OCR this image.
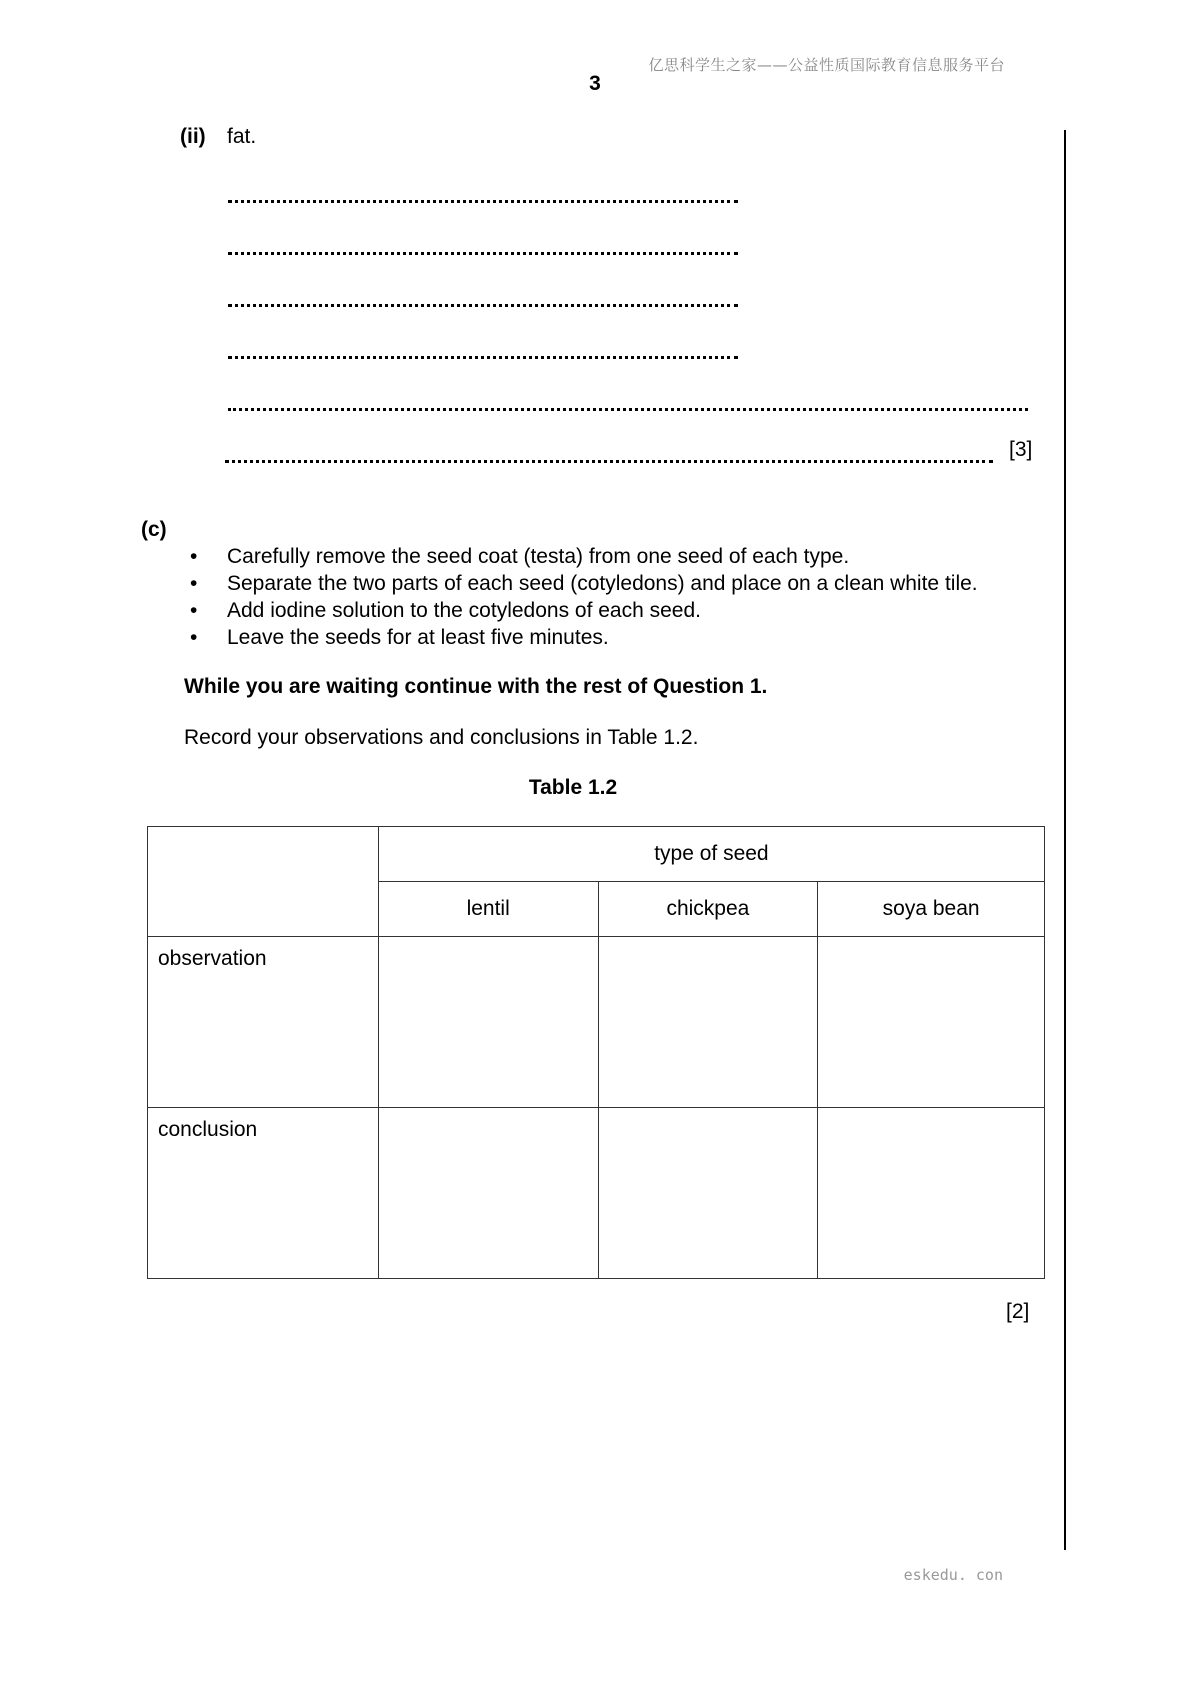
亿思科学生之家——公益性质国际教育信息服务平台
3
(ii) fat.
[3]
(c)
• Carefully remove the seed coat (testa) from one seed of each type.
• Separate the two parts of each seed (cotyledons) and place on a clean white tile.
• Add iodine solution to the cotyledons of each seed.
• Leave the seeds for at least five minutes.
While you are waiting continue with the rest of Question 1.
Record your observations and conclusions in Table 1.2.
Table 1.2
	type of seed		
	lentil	chickpea	soya bean
observation			
conclusion			
[2]
eskedu. con
